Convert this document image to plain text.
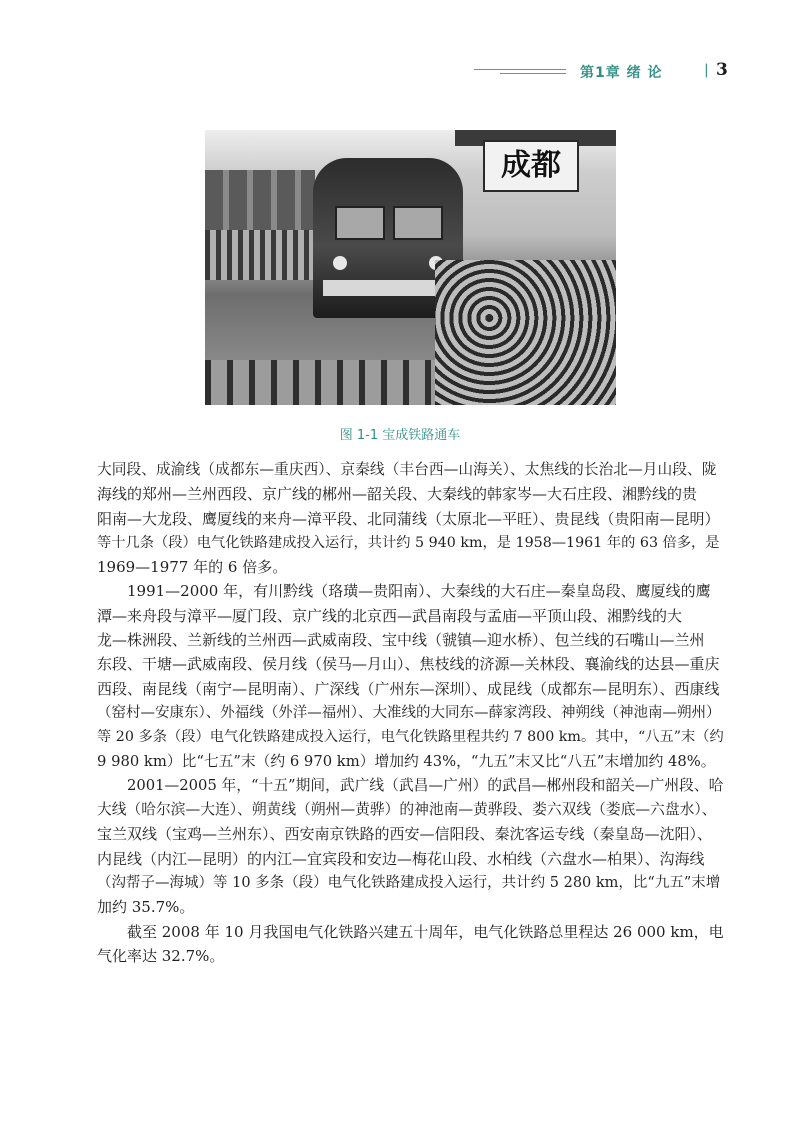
第1章 绪 论	| 3
成都
图 1-1 宝成铁路通车

大同段、成渝线（成都东—重庆西）、京秦线（丰台西—山海关）、太焦线的长治北—月山段、陇
海线的郑州—兰州西段、京广线的郴州—韶关段、大秦线的韩家岑—大石庄段、湘黔线的贵
阳南—大龙段、鹰厦线的来舟—漳平段、北同蒲线（太原北—平旺）、贵昆线（贵阳南—昆明）
等十几条（段）电气化铁路建成投入运行，共计约 5 940 km，是 1958—1961 年的 63 倍多，是
1969—1977 年的 6 倍多。

1991—2000 年，有川黔线（珞璜—贵阳南）、大秦线的大石庄—秦皇岛段、鹰厦线的鹰
潭—来舟段与漳平—厦门段、京广线的北京西—武昌南段与孟庙—平顶山段、湘黔线的大
龙—株洲段、兰新线的兰州西—武威南段、宝中线（虢镇—迎水桥）、包兰线的石嘴山—兰州
东段、干塘—武威南段、侯月线（侯马—月山）、焦枝线的济源—关林段、襄渝线的达县—重庆
西段、南昆线（南宁—昆明南）、广深线（广州东—深圳）、成昆线（成都东—昆明东）、西康线
（窑村—安康东）、外福线（外洋—福州）、大准线的大同东—薛家湾段、神朔线（神池南—朔州）
等 20 多条（段）电气化铁路建成投入运行，电气化铁路里程共约 7 800 km。其中，“八五”末（约
9 980 km）比“七五”末（约 6 970 km）增加约 43%，“九五”末又比“八五”末增加约 48%。

2001—2005 年，“十五”期间，武广线（武昌—广州）的武昌—郴州段和韶关—广州段、哈
大线（哈尔滨—大连）、朔黄线（朔州—黄骅）的神池南—黄骅段、娄六双线（娄底—六盘水）、
宝兰双线（宝鸡—兰州东）、西安南京铁路的西安—信阳段、秦沈客运专线（秦皇岛—沈阳）、
内昆线（内江—昆明）的内江—宜宾段和安边—梅花山段、水柏线（六盘水—柏果）、沟海线
（沟帮子—海城）等 10 多条（段）电气化铁路建成投入运行，共计约 5 280 km，比“九五”末增
加约 35.7%。

截至 2008 年 10 月我国电气化铁路兴建五十周年，电气化铁路总里程达 26 000 km，电
气化率达 32.7%。
